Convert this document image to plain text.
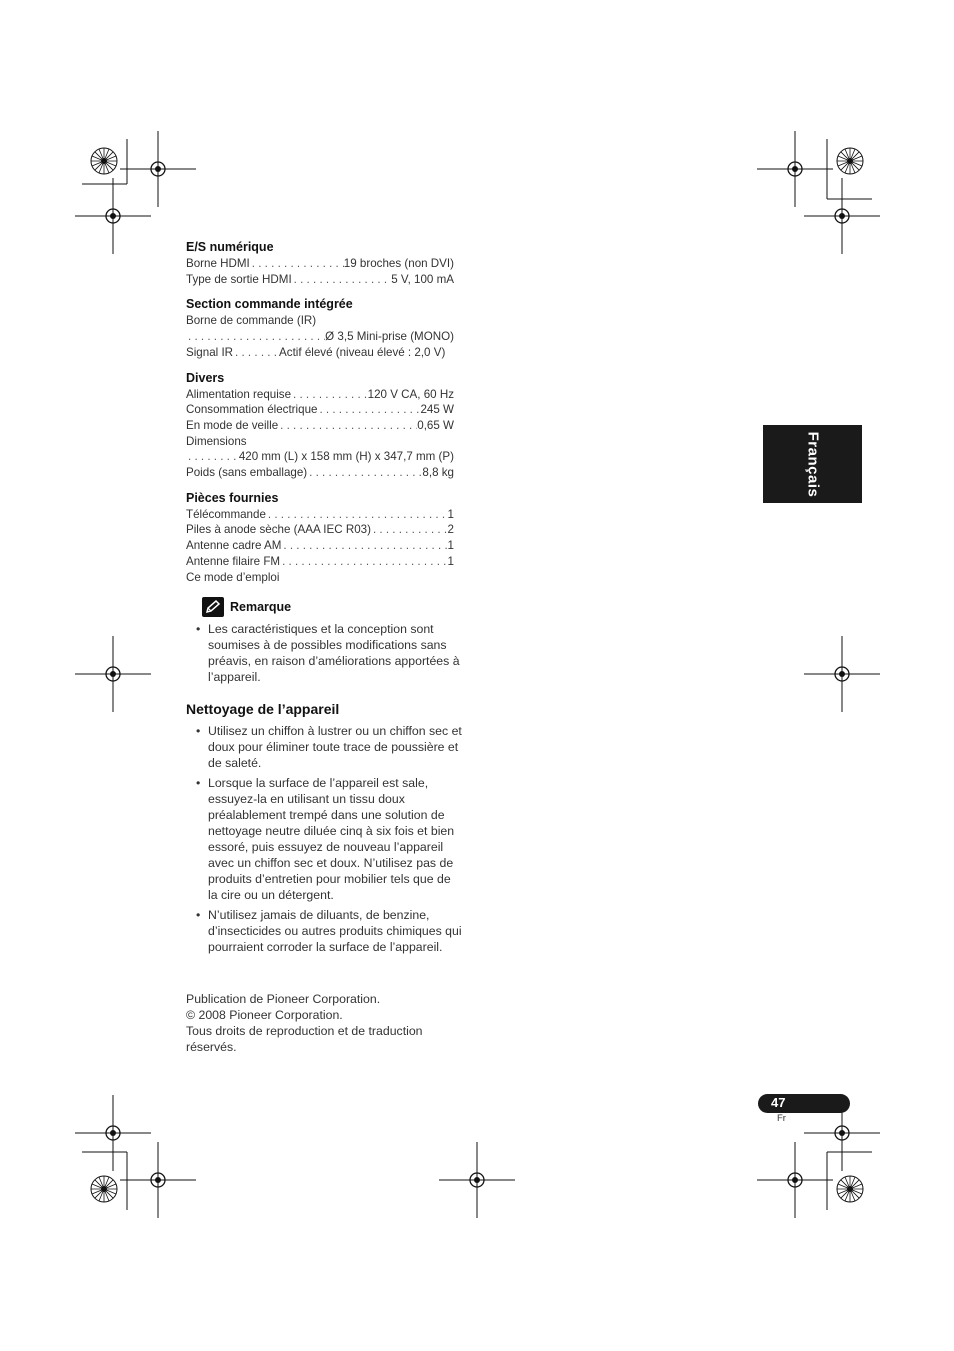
E/S numérique
Borne HDMI . . .	19 broches (non DVI)
Type de sortie HDMI . . .	5 V, 100 mA
Section commande intégrée
Borne de commande (IR)
. . .
Ø 3,5 Mini-prise (MONO)
Signal IR . . .	Actif élevé (niveau élevé : 2,0 V)
Divers
Alimentation requise . . .	120 V CA, 60 Hz
Consommation électrique . . .	245 W
En mode de veille . . .	0,65 W
Dimensions
. . .
420 mm (L) x 158 mm (H) x 347,7 mm (P)
Poids (sans emballage) . . .	8,8 kg
Pièces fournies
Télécommande . . .	1
Piles à anode sèche (AAA IEC R03) . . .	2
Antenne cadre AM . . .	1
Antenne filaire FM . . .	1
Ce mode d’emploi
Remarque
• Les caractéristiques et la conception sont soumises à de possibles modifications sans préavis, en raison d’améliorations apportées à l’appareil.
Nettoyage de l’appareil
• Utilisez un chiffon à lustrer ou un chiffon sec et doux pour éliminer toute trace de poussière et de saleté.
• Lorsque la surface de l’appareil est sale, essuyez-la en utilisant un tissu doux préalablement trempé dans une solution de nettoyage neutre diluée cinq à six fois et bien essoré, puis essuyez de nouveau l’appareil avec un chiffon sec et doux. N’utilisez pas de produits d’entretien pour mobilier tels que de la cire ou un détergent.
• N’utilisez jamais de diluants, de benzine, d’insecticides ou autres produits chimiques qui pourraient corroder la surface de l’appareil.
Publication de Pioneer Corporation.
© 2008 Pioneer Corporation.
Tous droits de reproduction et de traduction réservés.
Français
47
Fr
